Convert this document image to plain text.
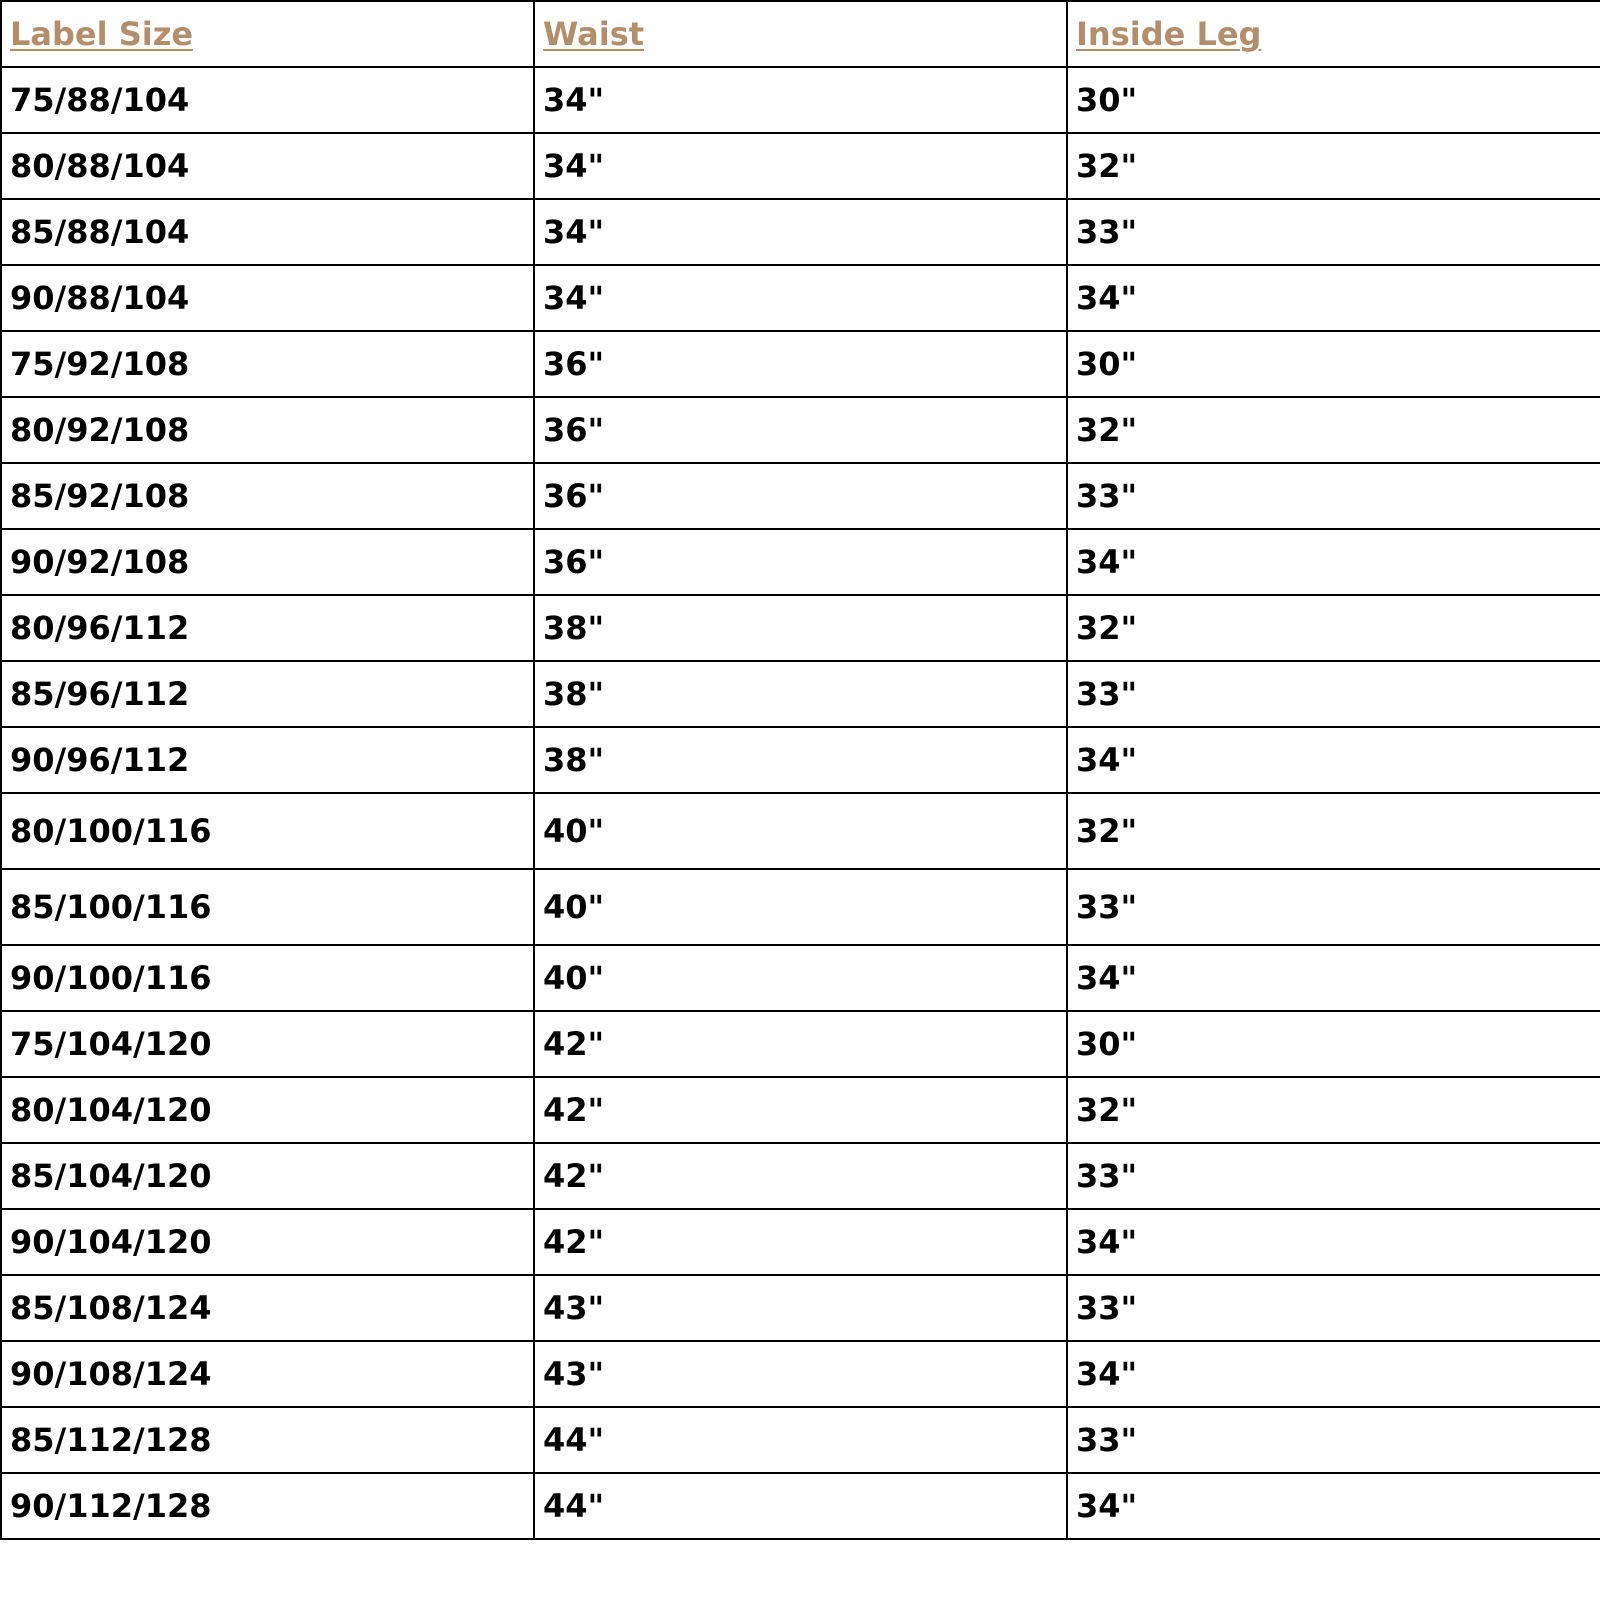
Label Size	Waist	Inside Leg
75/88/104	34"	30"
80/88/104	34"	32"
85/88/104	34"	33"
90/88/104	34"	34"
75/92/108	36"	30"
80/92/108	36"	32"
85/92/108	36"	33"
90/92/108	36"	34"
80/96/112	38"	32"
85/96/112	38"	33"
90/96/112	38"	34"
80/100/116	40"	32"
85/100/116	40"	33"
90/100/116	40"	34"
75/104/120	42"	30"
80/104/120	42"	32"
85/104/120	42"	33"
90/104/120	42"	34"
85/108/124	43"	33"
90/108/124	43"	34"
85/112/128	44"	33"
90/112/128	44"	34"
